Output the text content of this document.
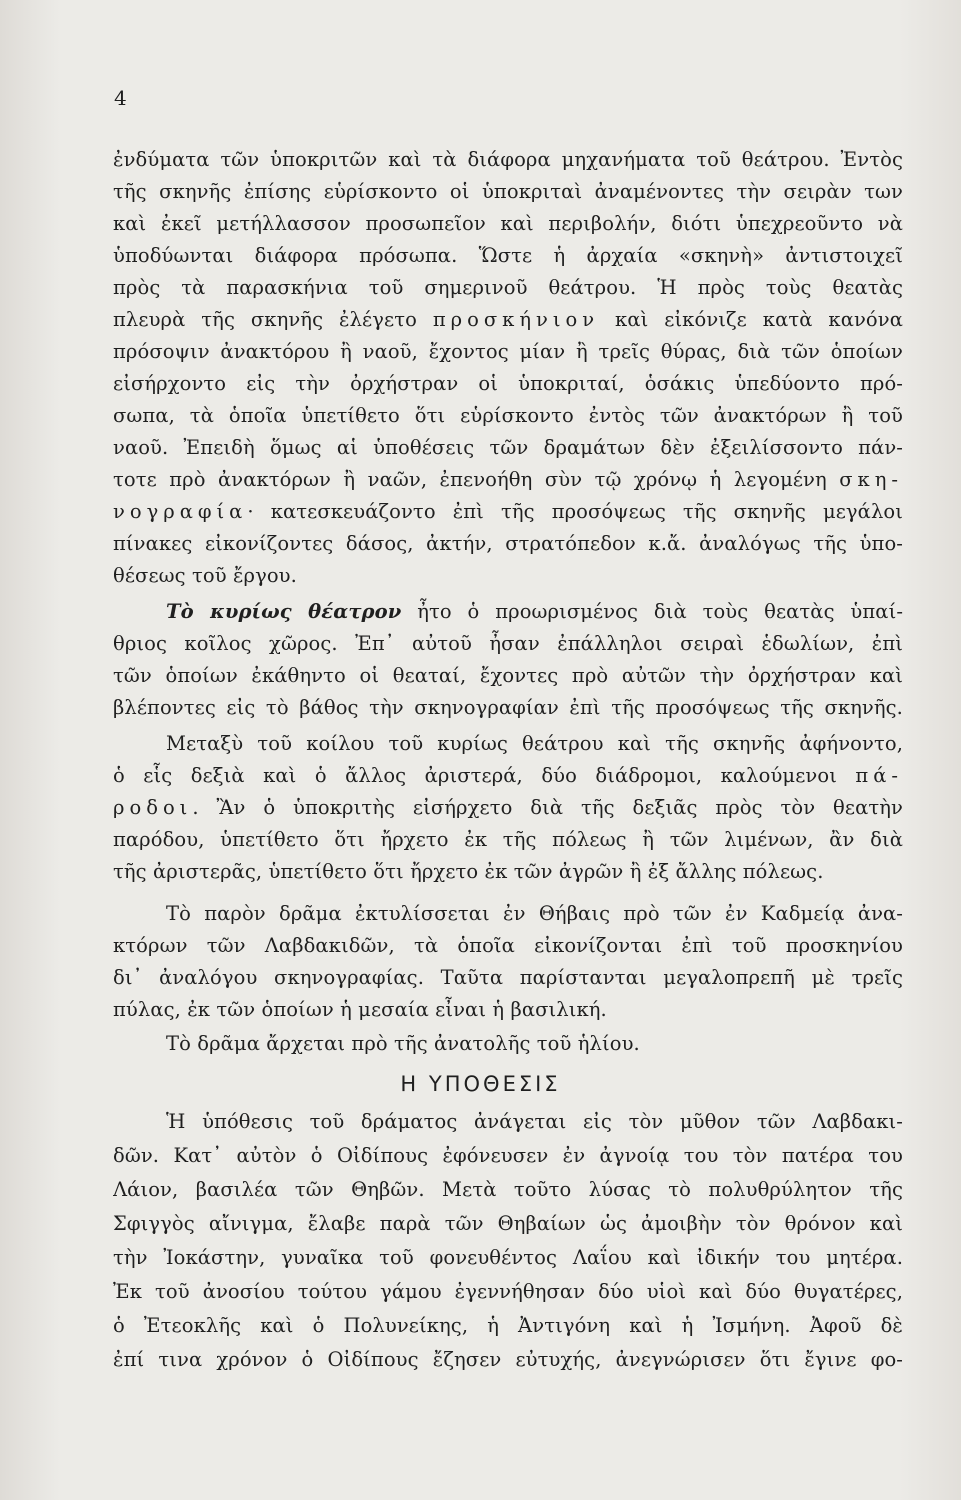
4
ἐνδύματα τῶν ὑποκριτῶν καὶ τὰ διάφορα μηχανήματα τοῦ θεάτρου. Ἐντὸς
τῆς σκηνῆς ἐπίσης εὑρίσκοντο οἱ ὑποκριταὶ ἀναμένοντες τὴν σειρὰν των
καὶ ἐκεῖ μετήλλασσον προσωπεῖον καὶ περιβολήν, διότι ὑπεχρεοῦντο νὰ
ὑποδύωνται διάφορα πρόσωπα. Ὥστε ἡ ἀρχαία «σκηνὴ» ἀντιστοιχεῖ
πρὸς τὰ παρασκήνια τοῦ σημερινοῦ θεάτρου. Ἡ πρὸς τοὺς θεατὰς
πλευρὰ τῆς σκηνῆς ἐλέγετο προσκήνιον καὶ εἰκόνιζε κατὰ κανόνα
πρόσοψιν ἀνακτόρου ἢ ναοῦ, ἔχοντος μίαν ἢ τρεῖς θύρας, διὰ τῶν ὁποίων
εἰσήρχοντο εἰς τὴν ὀρχήστραν οἱ ὑποκριταί, ὁσάκις ὑπεδύοντο πρό-
σωπα, τὰ ὁποῖα ὑπετίθετο ὅτι εὑρίσκοντο ἐντὸς τῶν ἀνακτόρων ἢ τοῦ
ναοῦ. Ἐπειδὴ ὅμως αἱ ὑποθέσεις τῶν δραμάτων δὲν ἐξειλίσσοντο πάν-
τοτε πρὸ ἀνακτόρων ἢ ναῶν, ἐπενοήθη σὺν τῷ χρόνῳ ἡ λεγομένη σκη-
νογραφία· κατεσκευάζοντο ἐπὶ τῆς προσόψεως τῆς σκηνῆς μεγάλοι
πίνακες εἰκονίζοντες δάσος, ἀκτήν, στρατόπεδον κ.ἄ. ἀναλόγως τῆς ὑπο-
θέσεως τοῦ ἔργου.
Τὸ κυρίως θέατρον ἦτο ὁ προωρισμένος διὰ τοὺς θεατὰς ὑπαί-
θριος κοῖλος χῶρος. Ἐπ᾽ αὐτοῦ ἦσαν ἐπάλληλοι σειραὶ ἑδωλίων, ἐπὶ
τῶν ὁποίων ἐκάθηντο οἱ θεαταί, ἔχοντες πρὸ αὐτῶν τὴν ὀρχήστραν καὶ
βλέποντες εἰς τὸ βάθος τὴν σκηνογραφίαν ἐπὶ τῆς προσόψεως τῆς σκηνῆς.
Μεταξὺ τοῦ κοίλου τοῦ κυρίως θεάτρου καὶ τῆς σκηνῆς ἀφήνοντο,
ὁ εἷς δεξιὰ καὶ ὁ ἄλλος ἀριστερά, δύο διάδρομοι, καλούμενοι πά-
ροδοι. Ἂν ὁ ὑποκριτὴς εἰσήρχετο διὰ τῆς δεξιᾶς πρὸς τὸν θεατὴν
παρόδου, ὑπετίθετο ὅτι ἤρχετο ἐκ τῆς πόλεως ἢ τῶν λιμένων, ἂν διὰ
τῆς ἀριστερᾶς, ὑπετίθετο ὅτι ἤρχετο ἐκ τῶν ἀγρῶν ἢ ἐξ ἄλλης πόλεως.
Τὸ παρὸν δρᾶμα ἐκτυλίσσεται ἐν Θήβαις πρὸ τῶν ἐν Καδμείᾳ ἀνα-
κτόρων τῶν Λαβδακιδῶν, τὰ ὁποῖα εἰκονίζονται ἐπὶ τοῦ προσκηνίου
δι᾽ ἀναλόγου σκηνογραφίας. Ταῦτα παρίστανται μεγαλοπρεπῆ μὲ τρεῖς
πύλας, ἐκ τῶν ὁποίων ἡ μεσαία εἶναι ἡ βασιλική.
Τὸ δρᾶμα ἄρχεται πρὸ τῆς ἀνατολῆς τοῦ ἡλίου.
Η ΥΠΟΘΕΣΙΣ
Ἡ ὑπόθεσις τοῦ δράματος ἀνάγεται εἰς τὸν μῦθον τῶν Λαβδακι-
δῶν. Κατ᾽ αὐτὸν ὁ Οἰδίπους ἐφόνευσεν ἐν ἀγνοίᾳ του τὸν πατέρα του
Λάιον, βασιλέα τῶν Θηβῶν. Μετὰ τοῦτο λύσας τὸ πολυθρύλητον τῆς
Σφιγγὸς αἴνιγμα, ἔλαβε παρὰ τῶν Θηβαίων ὡς ἀμοιβὴν τὸν θρόνον καὶ
τὴν Ἰοκάστην, γυναῖκα τοῦ φονευθέντος Λαΐου καὶ ἰδικήν του μητέρα.
Ἐκ τοῦ ἀνοσίου τούτου γάμου ἐγεννήθησαν δύο υἱοὶ καὶ δύο θυγατέρες,
ὁ Ἐτεοκλῆς καὶ ὁ Πολυνείκης, ἡ Ἀντιγόνη καὶ ἡ Ἰσμήνη. Ἀφοῦ δὲ
ἐπί τινα χρόνον ὁ Οἰδίπους ἔζησεν εὐτυχής, ἀνεγνώρισεν ὅτι ἔγινε φο-
